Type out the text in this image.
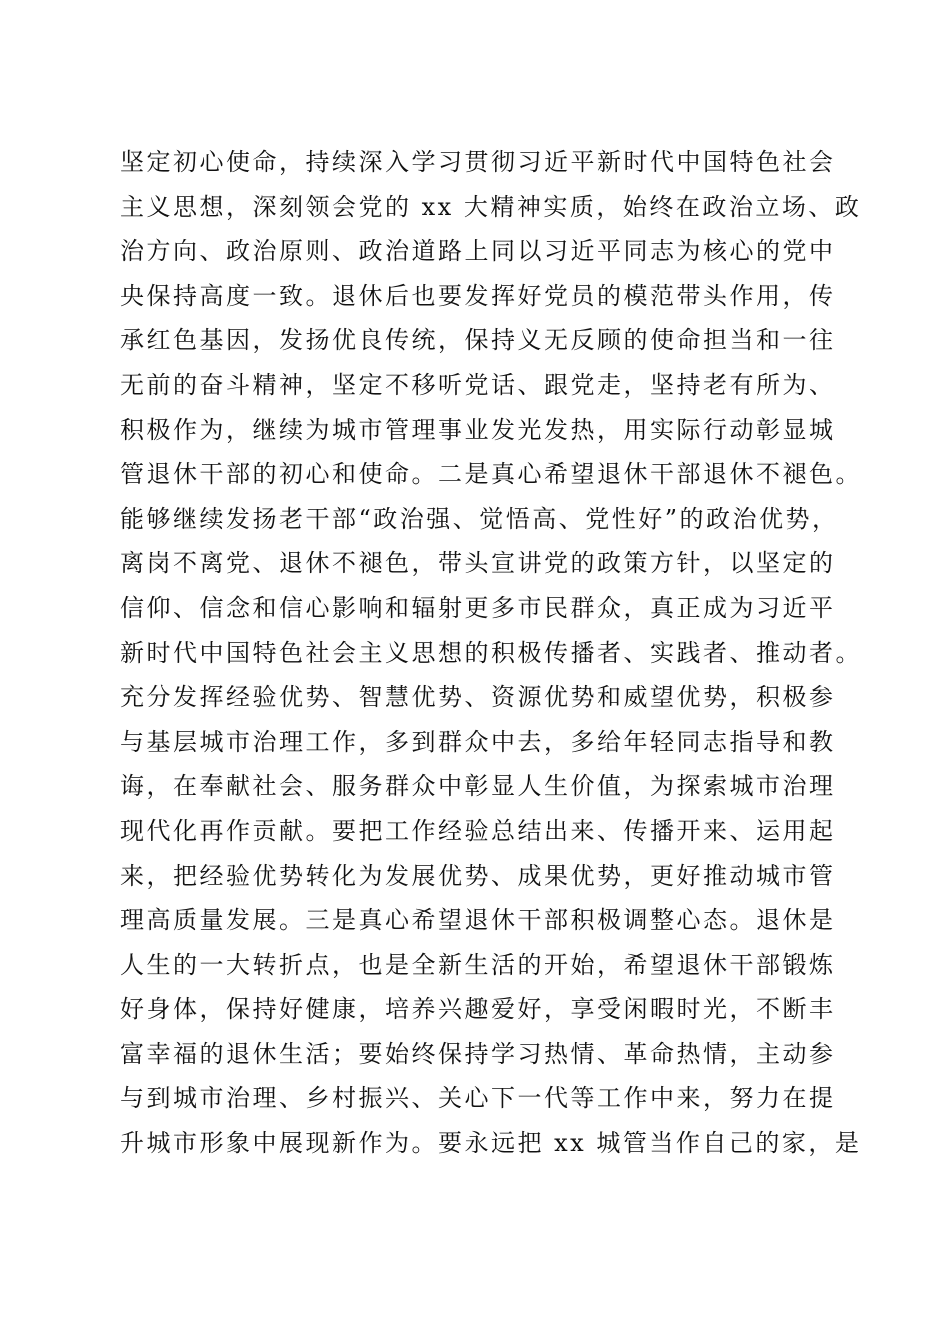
坚定初心使命，持续深入学习贯彻习近平新时代中国特色社会
主义思想，深刻领会党的 xx 大精神实质，始终在政治立场、政
治方向、政治原则、政治道路上同以习近平同志为核心的党中
央保持高度一致。退休后也要发挥好党员的模范带头作用，传
承红色基因，发扬优良传统，保持义无反顾的使命担当和一往
无前的奋斗精神，坚定不移听党话、跟党走，坚持老有所为、
积极作为，继续为城市管理事业发光发热，用实际行动彰显城
管退休干部的初心和使命。二是真心希望退休干部退休不褪色。
能够继续发扬老干部“政治强、觉悟高、党性好”的政治优势，
离岗不离党、退休不褪色，带头宣讲党的政策方针，以坚定的
信仰、信念和信心影响和辐射更多市民群众，真正成为习近平
新时代中国特色社会主义思想的积极传播者、实践者、推动者。
充分发挥经验优势、智慧优势、资源优势和威望优势，积极参
与基层城市治理工作，多到群众中去，多给年轻同志指导和教
诲，在奉献社会、服务群众中彰显人生价值，为探索城市治理
现代化再作贡献。要把工作经验总结出来、传播开来、运用起
来，把经验优势转化为发展优势、成果优势，更好推动城市管
理高质量发展。三是真心希望退休干部积极调整心态。退休是
人生的一大转折点，也是全新生活的开始，希望退休干部锻炼
好身体，保持好健康，培养兴趣爱好，享受闲暇时光，不断丰
富幸福的退休生活；要始终保持学习热情、革命热情，主动参
与到城市治理、乡村振兴、关心下一代等工作中来，努力在提
升城市形象中展现新作为。要永远把 xx 城管当作自己的家，是
